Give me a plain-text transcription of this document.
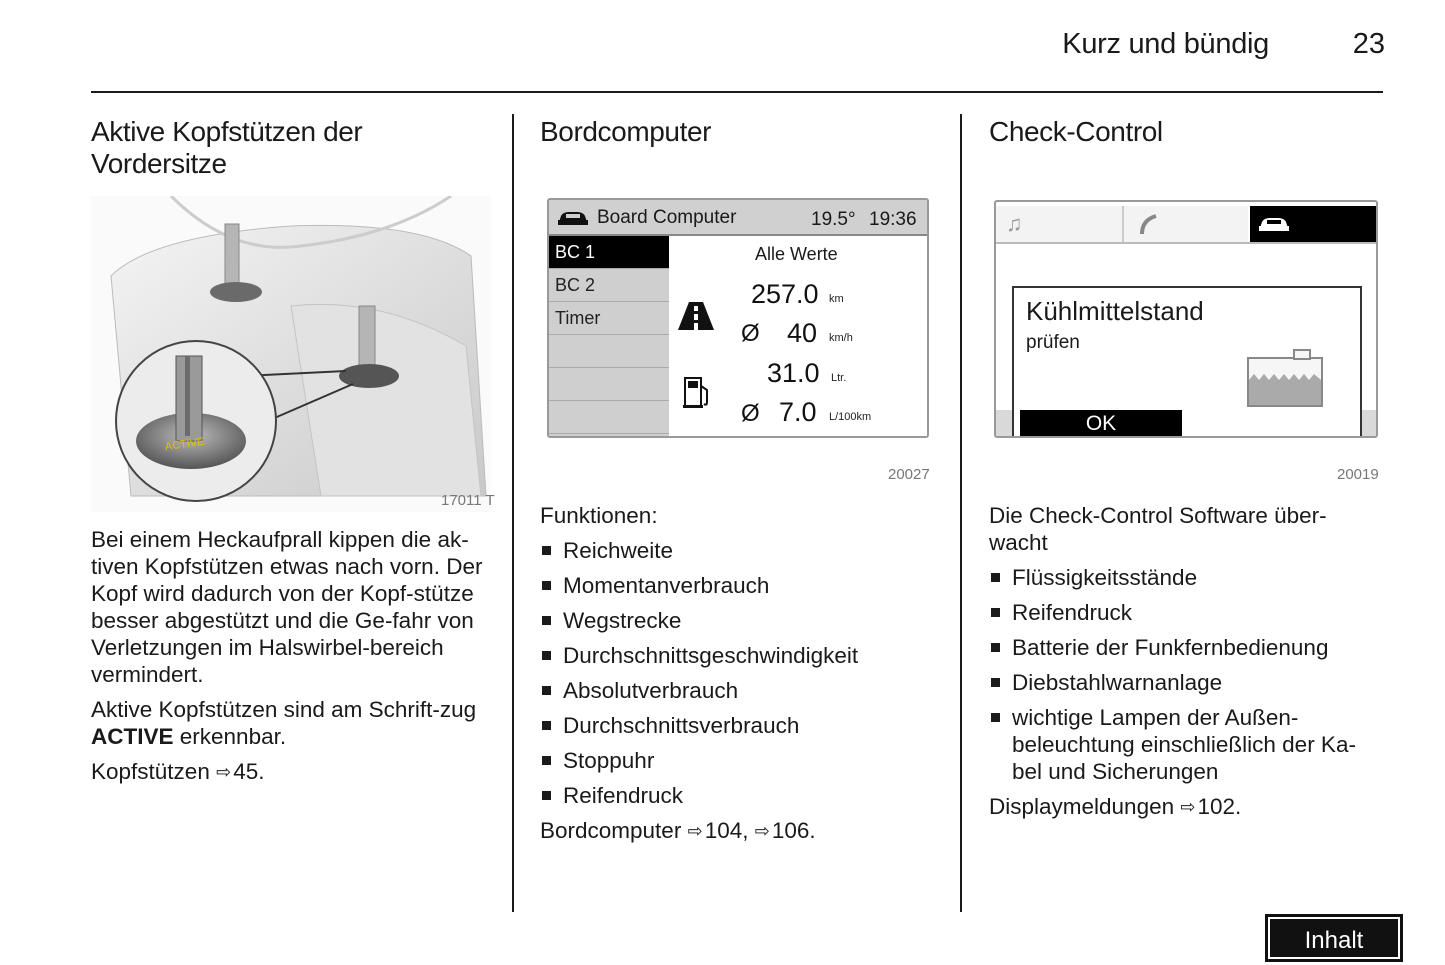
Kurz und bündig	23
Aktive Kopfstützen der
Vordersitze
ACTIVE
17011 T

Bei einem Heckaufprall kippen die ak-tiven Kopfstützen etwas nach vorn. Der Kopf wird dadurch von der Kopf-stütze besser abgestützt und die Ge-fahr von Verletzungen im Halswirbel-bereich vermindert.

Aktive Kopfstützen sind am Schrift-zug ACTIVE erkennbar.

Kopfstützen ⇨45.

Bordcomputer
Board Computer	19.5° 19:36
BC 1
BC 2
Timer
Alle Werte
257.0 km
Ø 40 km/h
31.0 Ltr.
Ø 7.0 L/100km
20027

Funktionen:

Reichweite
Momentanverbrauch
Wegstrecke
Durchschnittsgeschwindigkeit
Absolutverbrauch
Durchschnittsverbrauch
Stoppuhr
Reifendruck

Bordcomputer ⇨104, ⇨106.

Check-Control
♫
Kühlmittelstand
prüfen
OK
20019

Die Check-Control Software über-wacht

Flüssigkeitsstände
Reifendruck
Batterie der Funkfernbedienung
Diebstahlwarnanlage
wichtige Lampen der Außen-beleuchtung einschließlich der Ka-bel und Sicherungen

Displaymeldungen ⇨102.

Inhalt
